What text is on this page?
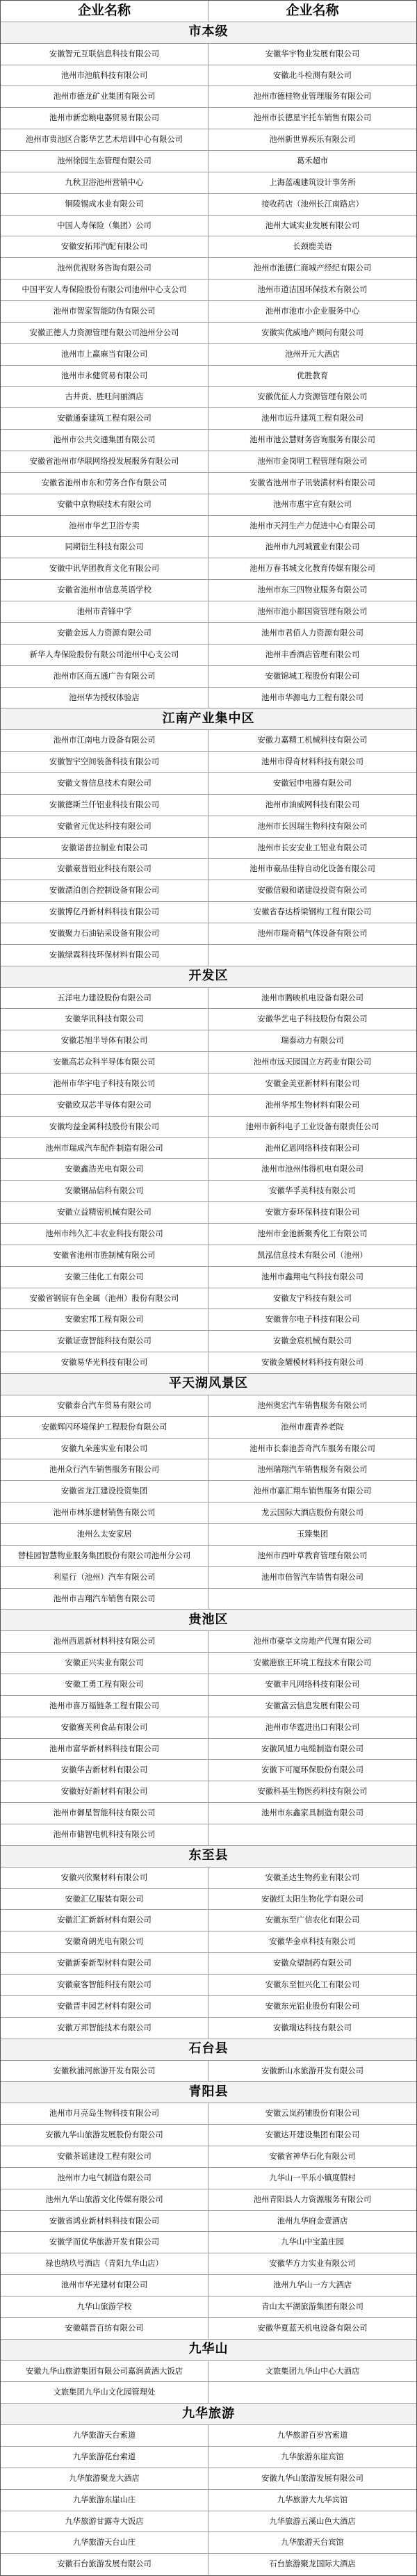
企业名称	企业名称
市本级
安徽智元互联信息科技有限公司	安徽华宇物业发展有限公司
池州市池航科技有限公司	安徽北斗检测有限公司
池州市德龙矿业集团有限公司	池州市德桂物业管理服务有限公司
池州市新恋粮电器贸易有限公司	池州市长德星宇托车销售有限公司
池州市贵池区合影华艺艺术培训中心有限公司	池州新世界疾乐有限公司
池州徐园生态管理有限公司	葛禾超市
九秋卫浴池州营销中心	上海蓝魂建筑设计事务所
铜陵锡成水业有限公司	接收药店（池州长江南路店）
中国人寿保险（集团）公司	池州大诚实业发展有限公司
安徽安拓邦汽配有限公司	长颈鹿美语
池州优视财务咨询有限公司	池州市池德仁商城产经纪有限公司
中国平安人寿保险股份有限公司池州中心支公司	池州市道洁国环保技术有限公司
池州市智家智能防伪有限公司	池州市池市小企业服务中心
安徽正德人力资源管理有限公司池州分公司	安徽实优威地产顾问有限公司
池州市上赢麻当有限公司	池州开元大酒店
池州市永健贸易有限公司	优胜教育
古井贡、胜旺问丽酒店	安徽优征人力资源管理有限公司
安徽通泰建筑工程有限公司	池州市远升建筑工程有限公司
池州市公共交通集团有限公司	池州市池公慧财务咨询服务有限公司
安徽省池州市华联网络投发展服务有限公司	池州市金岗明工程管理有限公司
安徽省池州市东和劳务合作有限公司	安徽省池州市子讯装潢材料有限公司
安徽中京物联技术有限公司	池州市惠宇宣有限公司
池州市华艺卫浴专卖	池州市天河生产力促进中心有限公司
同期衍生科技有限公司	池州市九河城置业有限公司
安徽中讯华团教育文化有限公司	池州万春书城文化教育传媒有限公司
安徽省池州市信息英语学校	池州市东三四物业服务有限公司
池州市青锋中学	池州市池小都国资管理有限公司
安徽金远人力资源有限公司	池州市君佰人力资源有限公司
新华人寿保险股份有限公司池州中心支公司	池州丰香酒店管理有限公司
池州市区商五通广告有限公司	安徽锦城工程股份有限公司
池州华为授权体验店	池州市华源电力工程有限公司
江南产业集中区
池州市江南电力设备有限公司	安徽力嘉精工机械科技有限公司
安徽智宇空间装备科技有限公司	池州市得奇材料科技有限公司
安徽文普信息技术有限公司	安徽冠申电器有限公司
安徽德斯兰仟铝业科技有限公司	池州市油威网科技有限公司
安徽省元优达科技有限公司	池州市长因瑞生物科技有限公司
安徽诺普拉制业有限公司	池州市长安安业工铝业有限公司
安徽豪普铝业科技有限公司	池州市豪品佳特自动化设备有限公司
安徽漂泊创合控制设备有限公司	安徽信毅和诺建设投资有限公司
安徽博亿丹新材料科技有限公司	安徽省春达桥梁钢构工程有限公司
安徽聚力石油钻采设备有限公司	池州市瑞奇精气体设备有限公司
安徽绿霖科技环保材料有限公司
开发区
五洋电力建设股份有限公司	池州市腾映机电设备有限公司
安徽华讯科技有限公司	安徽华艺电子科技股份有限公司
安徽芯旭半导体有限公司	瑞泰动力有限公司
安徽高芯众科半导体有限公司	池州市远天园国立方药业有限公司
池州市华宇电子科技有限公司	安徽金美亚新材料有限公司
安徽欧双芯半导体有限公司	池州华邦生物材料有限公司
安徽均益金属科技股份有限公司	池州市新科电子工业设备有限责任公司
池州市瑞成汽车配件制造有限公司	池州亿恩网络科技有限公司
安徽鑫浩光电有限公司	池州市池州伟得机电有限公司
安徽钢品信科有限公司	安徽华孚美科技有限公司
安徽立益精密机械有限公司	安徽方泰环保科技有限公司
池州市纬久汇丰农业科技有限公司	池州市金池新聚秀化工有限公司
安徽省池州市胜制械有限公司	凯泓信息技术有限公司（池州）
安徽三佳化工有限公司	池州市鑫翔电气科技有限公司
安徽省钢宸有色金属（池州）股份有限公司	安徽友宁科技有限公司
安徽宏邦工程有限公司	安徽普尔电子科技有限公司
安徽证壹智能科技有限公司	安徽金宸机械有限公司
安徽易华光科技有限公司	安徽金耀模材料科技有限公司
平天湖风景区
安徽泰合汽车贸易有限公司	池州奥宏汽车销售服务有限公司
安徽辉闪环境保护工程股份有限公司	池州市鹿青养老院
安徽九朵莲实业有限公司	池州市长泰池荟奇汽车服务有限公司
池州众行汽车销售服务有限公司	池州瑞翔汽车销售服务有限公司
安徽省龙江建设投资集团	池州市嘉汇翔车销售服务有限公司
池州市林乐建材销售有限公司	龙云国际大酒店股份有限公司
池州么太安家居	玉臻集团
替桂园智慧物业服务集团股份有限公司池州分公司	池州市西叶草教育管理有限公司
利星行（池州）汽车有限公司	池州市倍智汽车销售有限公司
池州市吉翔汽车销售有限公司
贵池区
池州西恩新材料科技有限公司	池州市豪享文房地产代理有限公司
安徽正兴实业有限公司	安徽港旅王环境工程技术有限公司
安徽工勇工程有限公司	安徽丰凡网络科技有限公司
池州市喜万福链条工程有限公司	安徽富云信息发展有限公司
安徽赛芙利食品有限公司	池州市华霆进出口有限公司
池州市富华新材料科技有限公司	安徽风旭力电缆制造有限公司
安徽华吉新材料有限公司	安徽下可厦环保股份有限公司
安徽好好新材料有限公司	安徽科基生物医药科技有限公司
池州市御星智能科技有限公司	池州市东鑫家具制造有限公司
池州市储智电机科技有限公司
东至县
安徽兴欣聚材料有限公司	安徽圣达生物药业有限公司
安徽汇亿服装有限公司	安徽红太阳生物化学有限公司
安徽汇汇新新材料有限公司	安徽东至广信农化有限公司
安徽奇朗光电有限公司	安徽华金卓科技有限公司
安徽新泰新型材料有限公司	安徽众望制药有限公司
安徽豪客智能科技有限公司	安徽东至恒兴化工有限公司
安徽晋丰园艺材料有限公司	安徽东光铝业股份有限公司
安徽万邦智能技术有限公司	安徽瑞达科技有限公司
石台县
安徽秋浦河旅游开发有限公司	安徽新山水旅游开发有限公司
青阳县
池州市月亮岛生物科技有限公司	安徽云岚药铺股份有限公司
安徽九华山旅游发展股份有限公司	安徽达开建设集团有限公司
安徽茶谣建设工程有限公司	安徽省神华石化有限公司
池州市力电气制造有限公司	九华山一平乐小镇度假村
池州九华山旅游文化传媒有限公司	池州青阳县人力资源服务有限公司
安徽省鸿业新材料科技有限公司	池州九华府金壹酒店
安徽学而优华旅游开发有限公司	九华山中宝盈庄园
禄也纳玖号酒店（青阳九华山店）	安徽华方力实业有限公司
池州市华光建材有限公司	池州九华山一方大酒店
九华山旅游学校	青山太平湖旅游集团有限公司
安徽赣晋百纺有限公司	安徽华夏蓝天机电设备有限公司
九华山
安徽九华山旅游集团有限公司嘉润黄酒大饭店	文旅集团九华山中心大酒店
文旅集团九华山文化园管理处
九华旅游
九华旅游天台索道	九华旅游百岁宫索道
九华旅游花台索道	九华旅游东崖宾馆
九华旅游聚龙大酒店	安徽九华山旅游发展有限公司
九华旅游东崖山庄	九华旅游大九华宾馆
九华旅游甘露寺大饭店	九华旅游五溪山色大酒店
九华旅游天台山庄	九华旅游天台宾馆
安徽石台旅游发展有限公司	石台旅游聚龙国际大酒店
